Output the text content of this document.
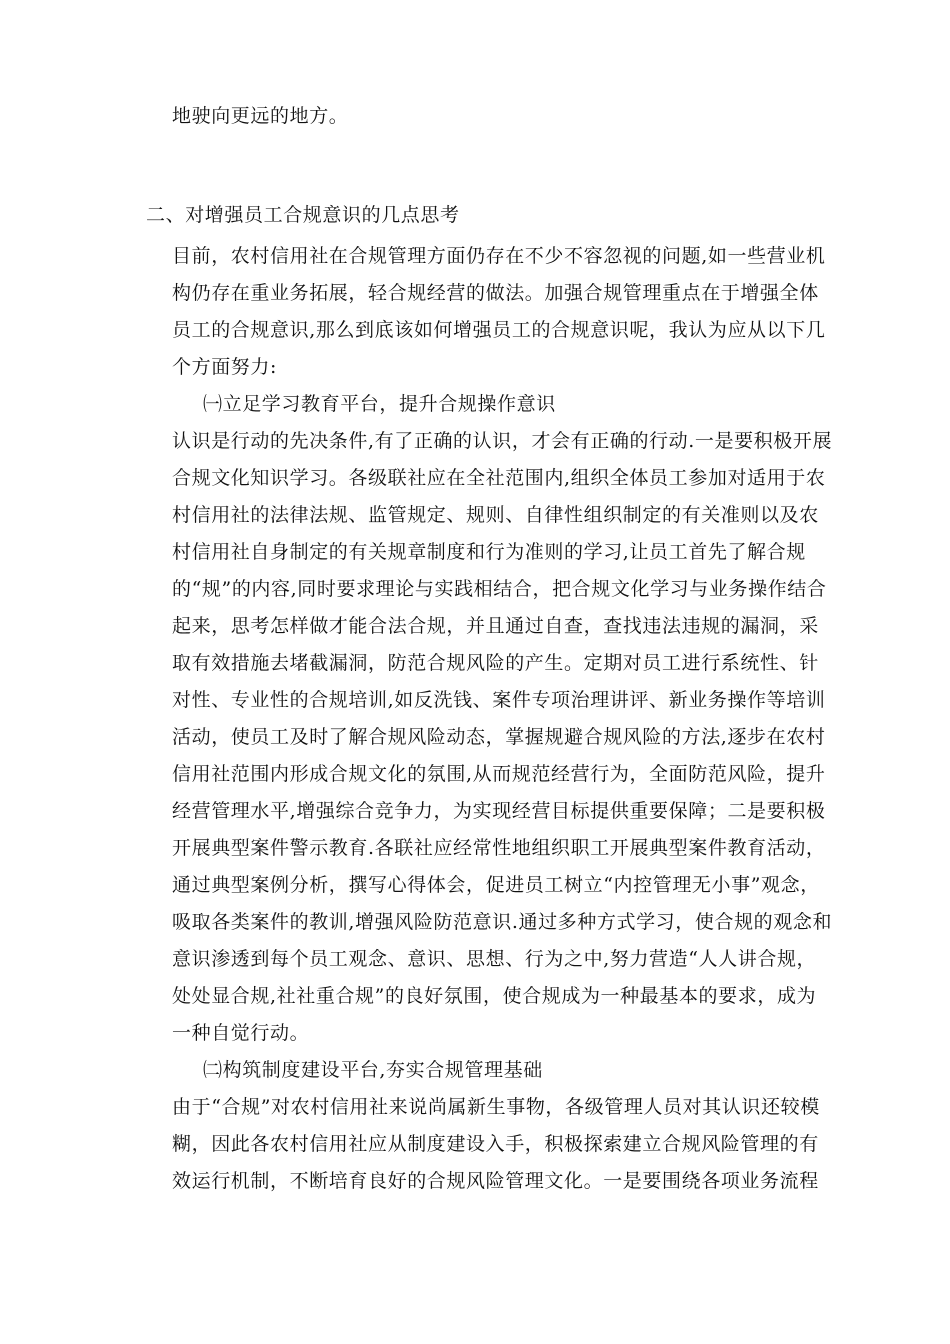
地驶向更远的地方。
二、对增强员工合规意识的几点思考
目前，农村信用社在合规管理方面仍存在不少不容忽视的问题,如一些营业机
构仍存在重业务拓展，轻合规经营的做法。加强合规管理重点在于增强全体
员工的合规意识,那么到底该如何增强员工的合规意识呢，我认为应从以下几
个方面努力:
㈠立足学习教育平台，提升合规操作意识
认识是行动的先决条件,有了正确的认识，才会有正确的行动.一是要积极开展
合规文化知识学习。各级联社应在全社范围内,组织全体员工参加对适用于农
村信用社的法律法规、监管规定、规则、自律性组织制定的有关准则以及农
村信用社自身制定的有关规章制度和行为准则的学习,让员工首先了解合规
的“规”的内容,同时要求理论与实践相结合，把合规文化学习与业务操作结合
起来，思考怎样做才能合法合规，并且通过自查，查找违法违规的漏洞，采
取有效措施去堵截漏洞，防范合规风险的产生。定期对员工进行系统性、针
对性、专业性的合规培训,如反洗钱、案件专项治理讲评、新业务操作等培训
活动，使员工及时了解合规风险动态，掌握规避合规风险的方法,逐步在农村
信用社范围内形成合规文化的氛围,从而规范经营行为，全面防范风险，提升
经营管理水平,增强综合竞争力，为实现经营目标提供重要保障；二是要积极
开展典型案件警示教育.各联社应经常性地组织职工开展典型案件教育活动，
通过典型案例分析，撰写心得体会，促进员工树立“内控管理无小事”观念，
吸取各类案件的教训,增强风险防范意识.通过多种方式学习，使合规的观念和
意识渗透到每个员工观念、意识、思想、行为之中,努力营造“人人讲合规，
处处显合规,社社重合规”的良好氛围，使合规成为一种最基本的要求，成为
一种自觉行动。
㈡构筑制度建设平台,夯实合规管理基础
由于“合规”对农村信用社来说尚属新生事物，各级管理人员对其认识还较模
糊，因此各农村信用社应从制度建设入手，积极探索建立合规风险管理的有
效运行机制，不断培育良好的合规风险管理文化。一是要围绕各项业务流程
